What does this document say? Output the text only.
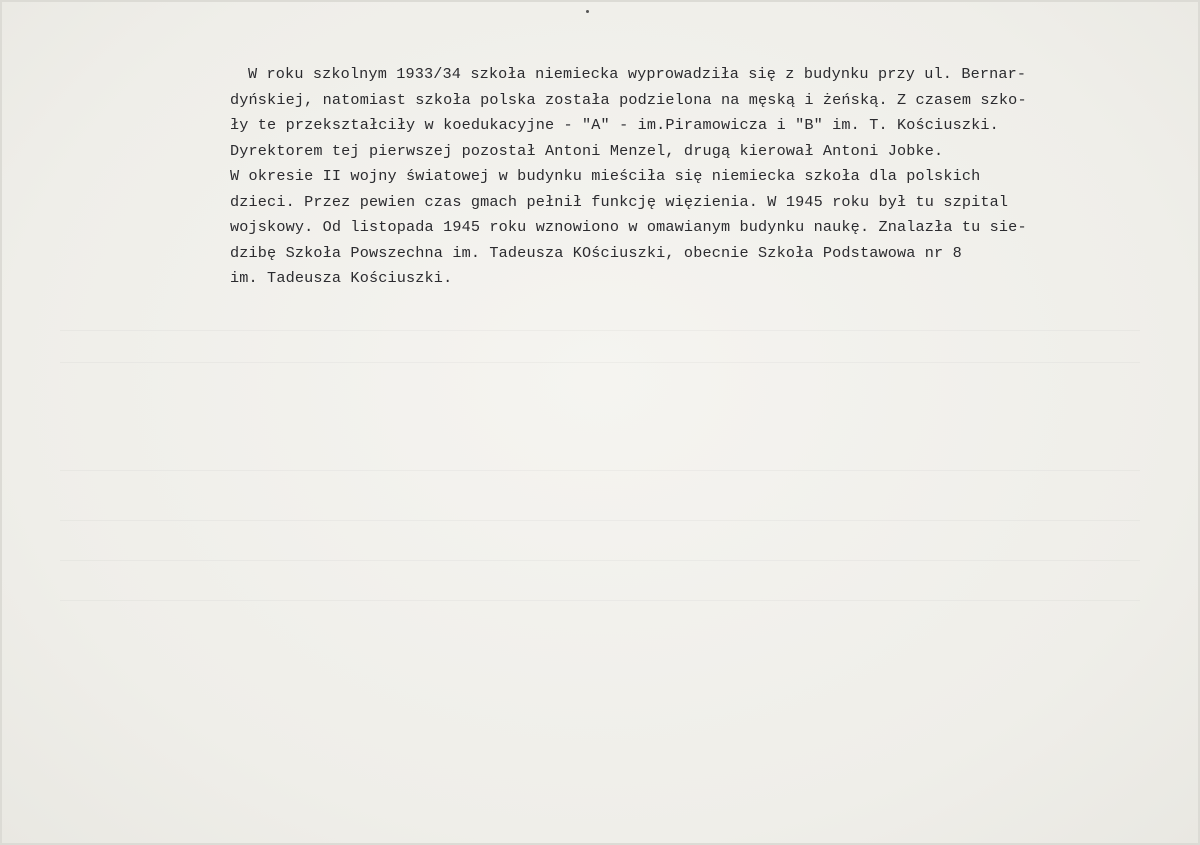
W roku szkolnym 1933/34 szkoła niemiecka wyprowadziła się z budynku przy ul. Bernar-
dyńskiej, natomiast szkoła polska została podzielona na męską i żeńską. Z czasem szko-
ły te przekształciły w koedukacyjne - "A" - im.Piramowicza i "B" im. T. Kościuszki.
Dyrektorem tej pierwszej pozostał Antoni Menzel, drugą kierował Antoni Jobke.
W okresie II wojny światowej w budynku mieściła się niemiecka szkoła dla polskich
dzieci. Przez pewien czas gmach pełnił funkcję więzienia. W 1945 roku był tu szpital
wojskowy. Od listopada 1945 roku wznowiono w omawianym budynku naukę. Znalazła tu sie-
dzibę Szkoła Powszechna im. Tadeusza KOściuszki, obecnie Szkoła Podstawowa nr 8
im. Tadeusza Kościuszki.
